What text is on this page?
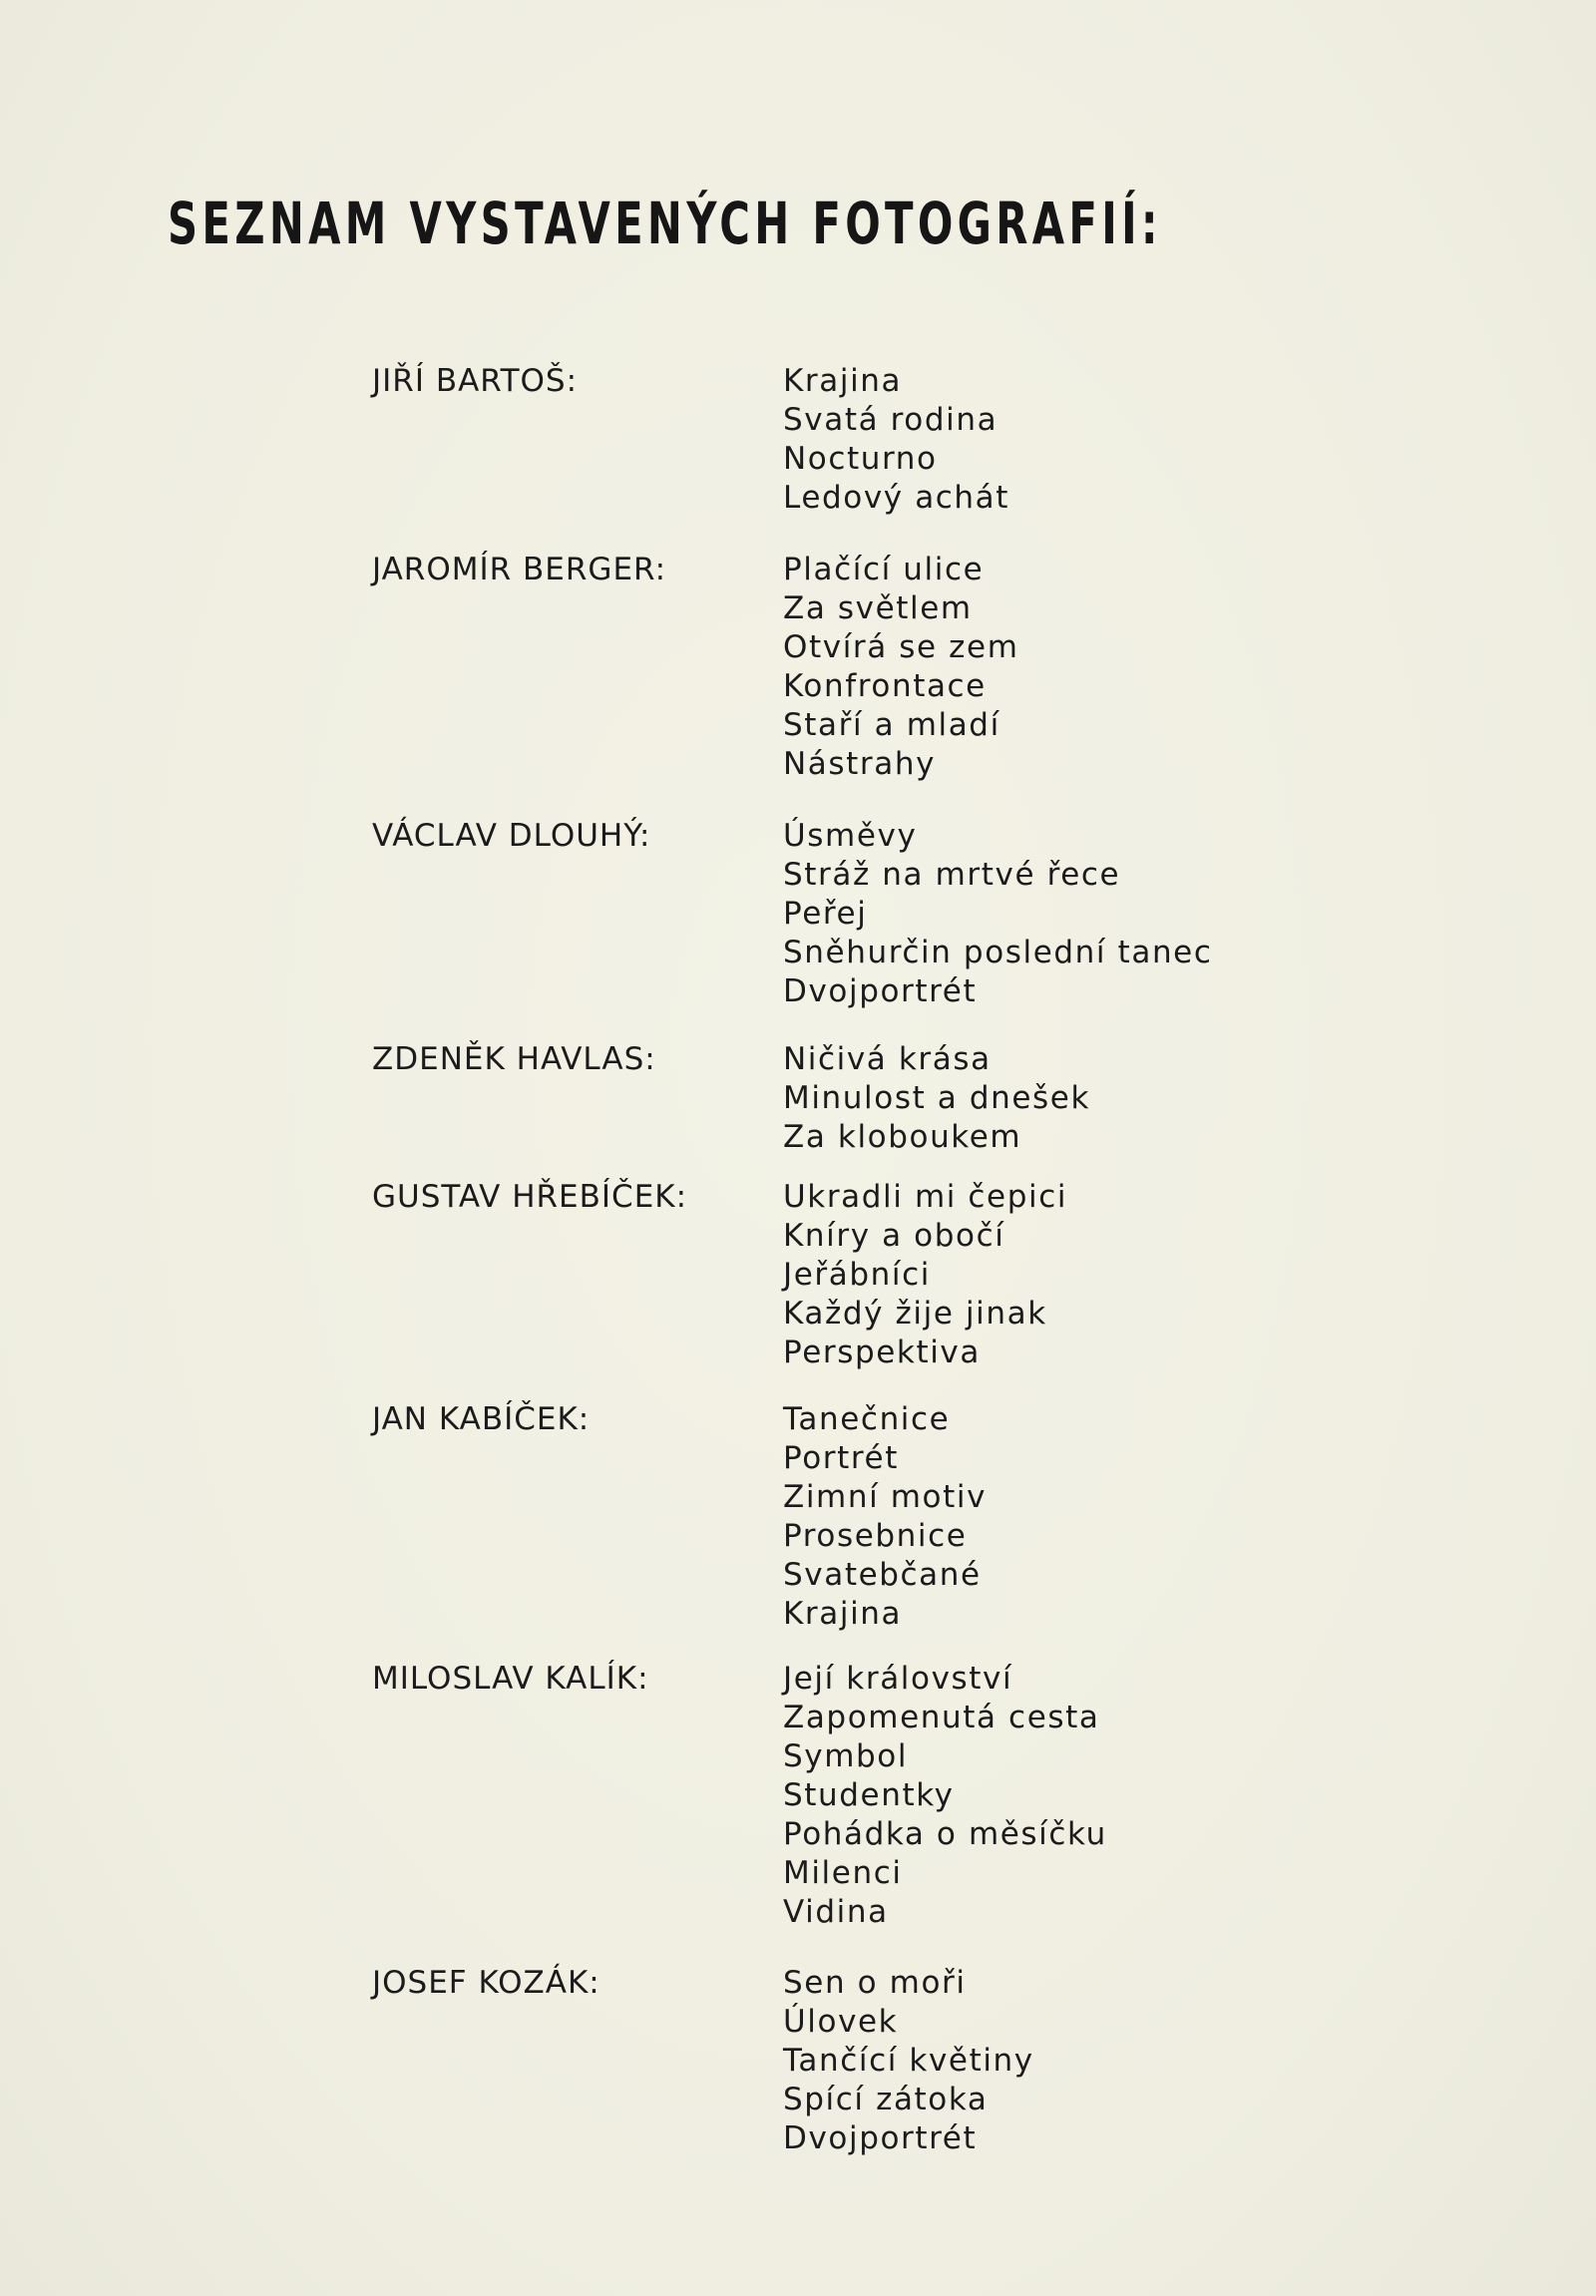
SEZNAM VYSTAVENÝCH FOTOGRAFIÍ:
JIŘÍ BARTOŠ:	Krajina
Svatá rodina
Nocturno
Ledový achát
JAROMÍR BERGER:	Plačící ulice
Za světlem
Otvírá se zem
Konfrontace
Staří a mladí
Nástrahy
VÁCLAV DLOUHÝ:	Úsměvy
Stráž na mrtvé řece
Peřej
Sněhurčin poslední tanec
Dvojportrét
ZDENĚK HAVLAS:	Ničivá krása
Minulost a dnešek
Za kloboukem
GUSTAV HŘEBÍČEK:	Ukradli mi čepici
Kníry a obočí
Jeřábníci
Každý žije jinak
Perspektiva
JAN KABÍČEK:	Tanečnice
Portrét
Zimní motiv
Prosebnice
Svatebčané
Krajina
MILOSLAV KALÍK:	Její království
Zapomenutá cesta
Symbol
Studentky
Pohádka o měsíčku
Milenci
Vidina
JOSEF KOZÁK:	Sen o moři
Úlovek
Tančící květiny
Spící zátoka
Dvojportrét
